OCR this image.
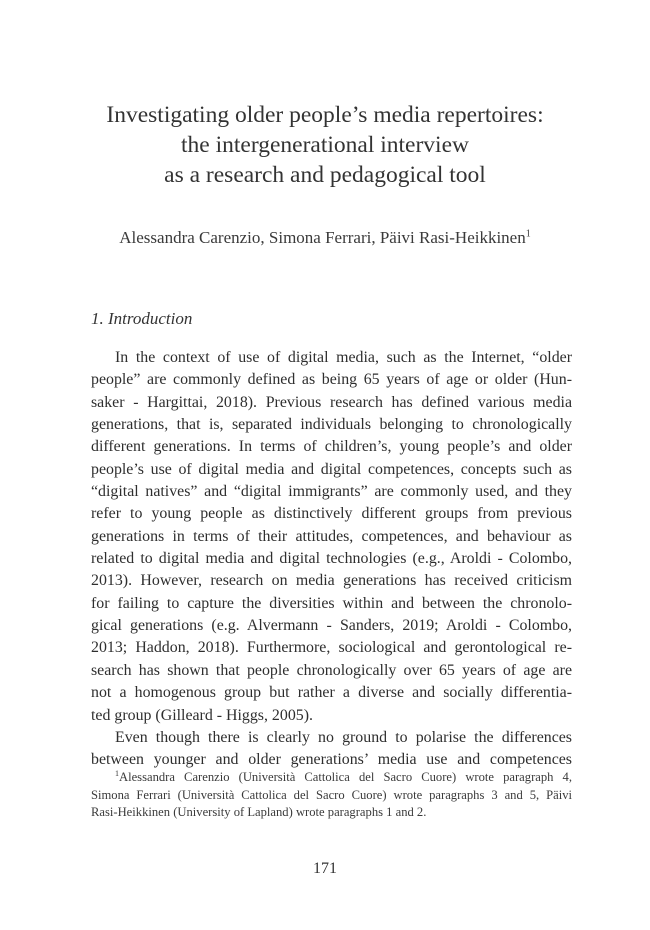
Investigating older people’s media repertoires:
the intergenerational interview
as a research and pedagogical tool
Alessandra Carenzio, Simona Ferrari, Päivi Rasi-Heikkinen$^1$
1. Introduction
In the context of use of digital media, such as the Internet, “older
people” are commonly defined as being 65 years of age or older (Hun-
saker - Hargittai, 2018). Previous research has defined various media
generations, that is, separated individuals belonging to chronologically
different generations. In terms of children’s, young people’s and older
people’s use of digital media and digital competences, concepts such as
“digital natives” and “digital immigrants” are commonly used, and they
refer to young people as distinctively different groups from previous
generations in terms of their attitudes, competences, and behaviour as
related to digital media and digital technologies (e.g., Aroldi - Colombo,
2013). However, research on media generations has received criticism
for failing to capture the diversities within and between the chronolo-
gical generations (e.g. Alvermann - Sanders, 2019; Aroldi - Colombo,
2013; Haddon, 2018). Furthermore, sociological and gerontological re-
search has shown that people chronologically over 65 years of age are
not a homogenous group but rather a diverse and socially differentia-
ted group (Gilleard - Higgs, 2005).
Even though there is clearly no ground to polarise the differences
between younger and older generations’ media use and competences
$^1$Alessandra Carenzio (Università Cattolica del Sacro Cuore) wrote paragraph 4,
Simona Ferrari (Università Cattolica del Sacro Cuore) wrote paragraphs 3 and 5, Päivi
Rasi-Heikkinen (University of Lapland) wrote paragraphs 1 and 2.
171
